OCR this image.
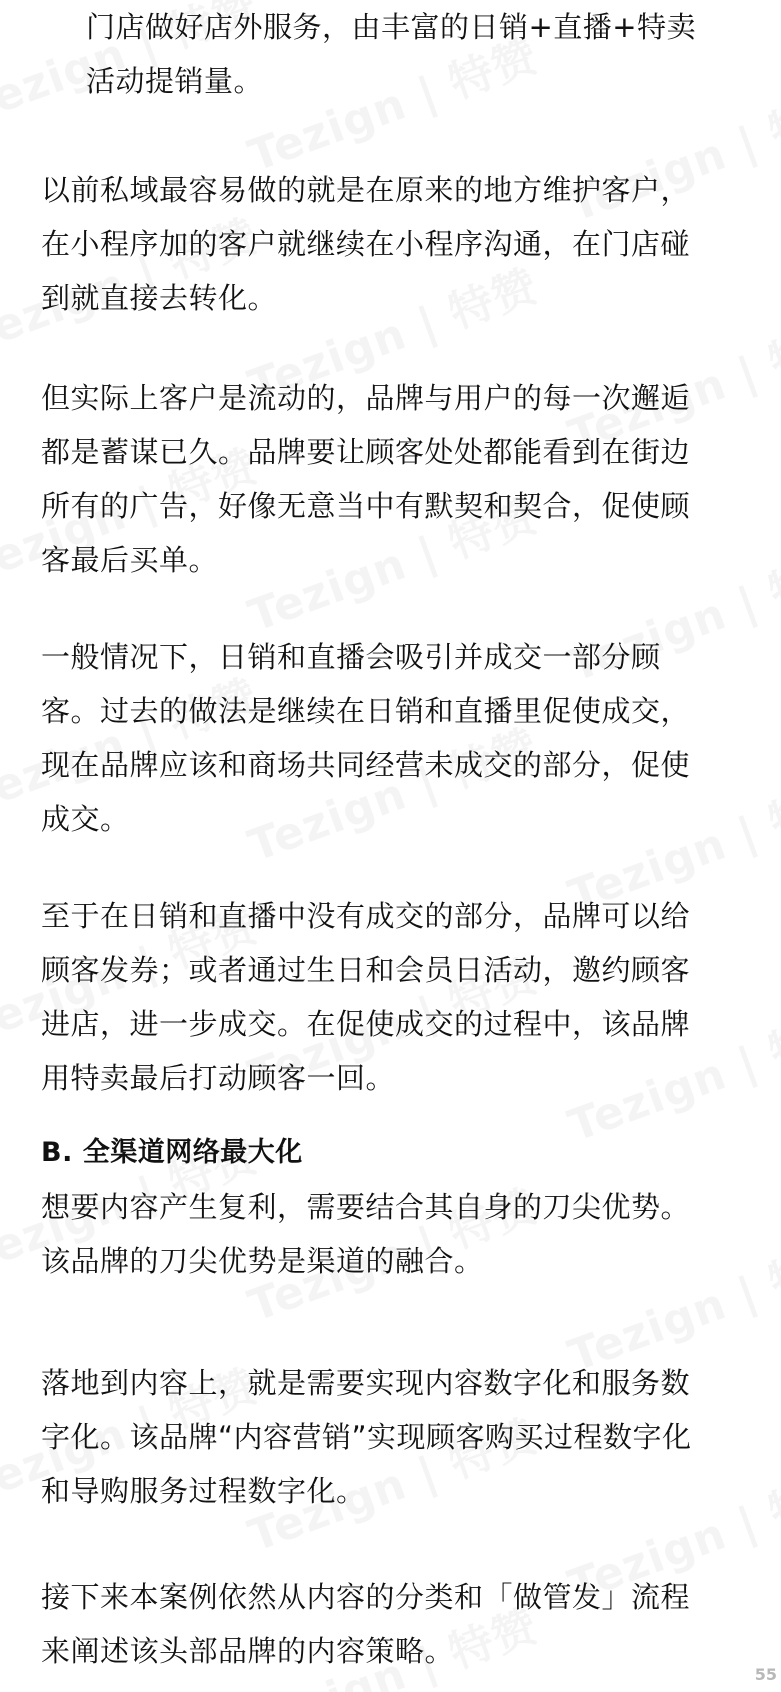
门店做好店外服务，由丰富的日销+直播+特卖
活动提销量。
以前私域最容易做的就是在原来的地方维护客户，
在小程序加的客户就继续在小程序沟通，在门店碰
到就直接去转化。
但实际上客户是流动的，品牌与用户的每一次邂逅
都是蓄谋已久。品牌要让顾客处处都能看到在街边
所有的广告，好像无意当中有默契和契合，促使顾
客最后买单。
一般情况下，日销和直播会吸引并成交一部分顾
客。过去的做法是继续在日销和直播里促使成交，
现在品牌应该和商场共同经营未成交的部分，促使
成交。
至于在日销和直播中没有成交的部分，品牌可以给
顾客发券；或者通过生日和会员日活动，邀约顾客
进店，进一步成交。在促使成交的过程中，该品牌
用特卖最后打动顾客一回。
B. 全渠道网络最大化
想要内容产生复利，需要结合其自身的刀尖优势。
该品牌的刀尖优势是渠道的融合。
落地到内容上，就是需要实现内容数字化和服务数
字化。该品牌“内容营销”实现顾客购买过程数字化
和导购服务过程数字化。
接下来本案例依然从内容的分类和「做管发」流程
来阐述该头部品牌的内容策略。
55
